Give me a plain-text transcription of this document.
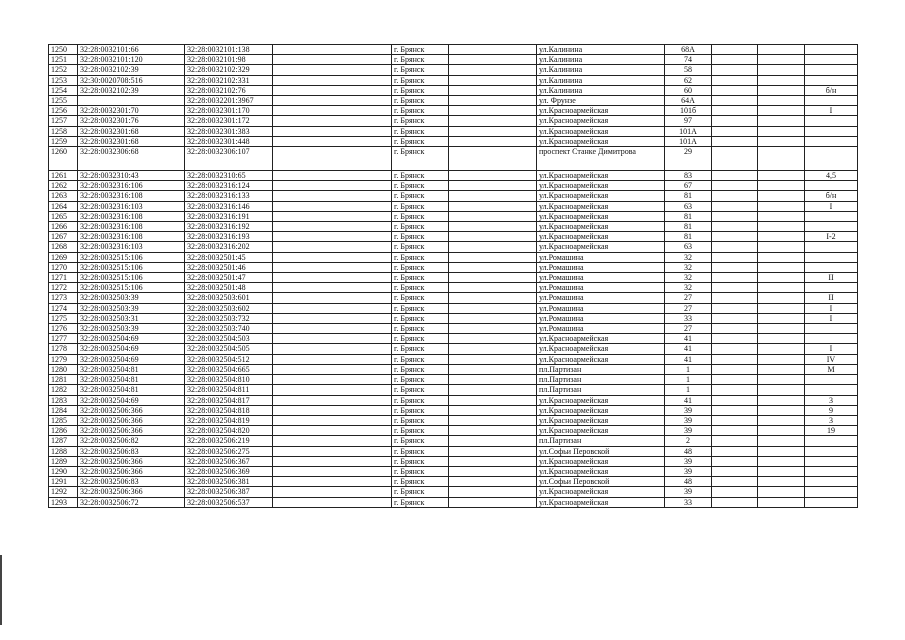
1250	32:28:0032101:66	32:28:0032101:138		г. Брянск		ул.Калинина	68А			
1251	32:28:0032101:120	32:28:0032101:98		г. Брянск		ул.Калинина	74			
1252	32:28:0032102:39	32:28:0032102:329		г. Брянск		ул.Калинина	58			
1253	32:30:0020708:516	32:28:0032102:331		г. Брянск		ул.Калинина	62			
1254	32:28:0032102:39	32:28:0032102:76		г. Брянск		ул.Калинина	60			б/н
1255		32:28:0032201:3967		г. Брянск		ул. Фрунзе	64А			
1256	32:28:0032301:70	32:28:0032301:170		г. Брянск		ул.Красноармейская	101б			I
1257	32:28:0032301:76	32:28:0032301:172		г. Брянск		ул.Красноармейская	97			
1258	32:28:0032301:68	32:28:0032301:383		г. Брянск		ул.Красноармейская	101А			
1259	32:28:0032301:68	32:28:0032301:448		г. Брянск		ул.Красноармейская	101А			
1260	32:28:0032306:68	32:28:0032306:107		г. Брянск		проспект Станке Димитрова	29			
1261	32:28:0032310:43	32:28:0032310:65		г. Брянск		ул.Красноармейская	83			4,5
1262	32:28:0032316:106	32:28:0032316:124		г. Брянск		ул.Красноармейская	67			
1263	32:28:0032316:108	32:28:0032316:133		г. Брянск		ул.Красноармейская	81			б/н
1264	32:28:0032316:103	32:28:0032316:146		г. Брянск		ул.Красноармейская	63			I
1265	32:28:0032316:108	32:28:0032316:191		г. Брянск		ул.Красноармейская	81			
1266	32:28:0032316:108	32:28:0032316:192		г. Брянск		ул.Красноармейская	81			
1267	32:28:0032316:108	32:28:0032316:193		г. Брянск		ул.Красноармейская	81			I-2
1268	32:28:0032316:103	32:28:0032316:202		г. Брянск		ул.Красноармейская	63			
1269	32:28:0032515:106	32:28:0032501:45		г. Брянск		ул.Ромашина	32			
1270	32:28:0032515:106	32:28:0032501:46		г. Брянск		ул.Ромашина	32			
1271	32:28:0032515:106	32:28:0032501:47		г. Брянск		ул.Ромашина	32			II
1272	32:28:0032515:106	32:28:0032501:48		г. Брянск		ул.Ромашина	32			
1273	32:28:0032503:39	32:28:0032503:601		г. Брянск		ул.Ромашина	27			II
1274	32:28:0032503:39	32:28:0032503:602		г. Брянск		ул.Ромашина	27			I
1275	32:28:0032503:31	32:28:0032503:732		г. Брянск		ул.Ромашина	33			I
1276	32:28:0032503:39	32:28:0032503:740		г. Брянск		ул.Ромашина	27			
1277	32:28:0032504:69	32:28:0032504:503		г. Брянск		ул.Красноармейская	41			
1278	32:28:0032504:69	32:28:0032504:505		г. Брянск		ул.Красноармейская	41			I
1279	32:28:0032504:69	32:28:0032504:512		г. Брянск		ул.Красноармейская	41			IV
1280	32:28:0032504:81	32:28:0032504:665		г. Брянск		пл.Партизан	1			М
1281	32:28:0032504:81	32:28:0032504:810		г. Брянск		пл.Партизан	1			
1282	32:28:0032504:81	32:28:0032504:811		г. Брянск		пл.Партизан	1			
1283	32:28:0032504:69	32:28:0032504:817		г. Брянск		ул.Красноармейская	41			3
1284	32:28:0032506:366	32:28:0032504:818		г. Брянск		ул.Красноармейская	39			9
1285	32:28:0032506:366	32:28:0032504:819		г. Брянск		ул.Красноармейская	39			3
1286	32:28:0032506:366	32:28:0032504:820		г. Брянск		ул.Красноармейская	39			19
1287	32:28:0032506:82	32:28:0032506:219		г. Брянск		пл.Партизан	2			
1288	32:28:0032506:83	32:28:0032506:275		г. Брянск		ул.Софьи Перовской	48			
1289	32:28:0032506:366	32:28:0032506:367		г. Брянск		ул.Красноармейская	39			
1290	32:28:0032506:366	32:28:0032506:369		г. Брянск		ул.Красноармейская	39			
1291	32:28:0032506:83	32:28:0032506:381		г. Брянск		ул.Софьи Перовской	48			
1292	32:28:0032506:366	32:28:0032506:387		г. Брянск		ул.Красноармейская	39			
1293	32:28:0032506:72	32:28:0032506:537		г. Брянск		ул.Красноармейская	33			
